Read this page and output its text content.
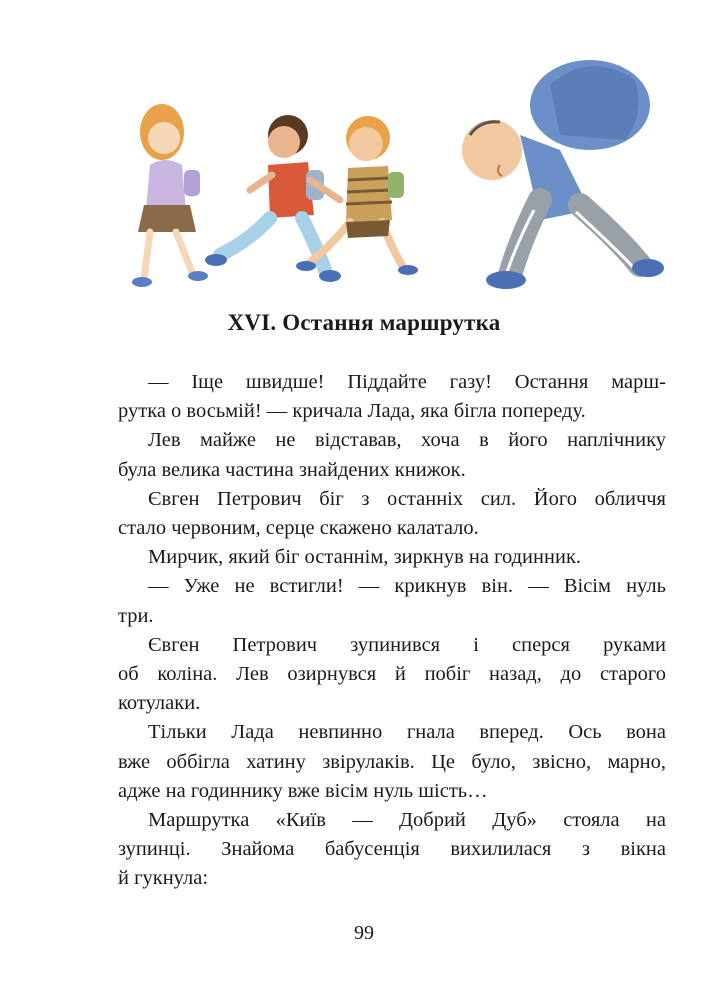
XVI. Остання маршрутка
— Іще швидше! Піддайте газу! Остання марш-
рутка о восьмій! — кричала Лада, яка бігла попереду.
Лев майже не відставав, хоча в його наплічнику
була велика частина знайдених книжок.
Євген Петрович біг з останніх сил. Його обличчя
стало червоним, серце скажено калатало.
Мирчик, який біг останнім, зиркнув на годинник.
— Уже не встигли! — крикнув він. — Вісім нуль
три.
Євген Петрович зупинився і сперся руками
об коліна. Лев озирнувся й побіг назад, до старого
котулаки.
Тільки Лада невпинно гнала вперед. Ось вона
вже оббігла хатину звірулаків. Це було, звісно, марно,
адже на годиннику вже вісім нуль шість…
Маршрутка «Київ — Добрий Дуб» стояла на
зупинці. Знайома бабусенція вихилилася з вікна
й гукнула:
99
